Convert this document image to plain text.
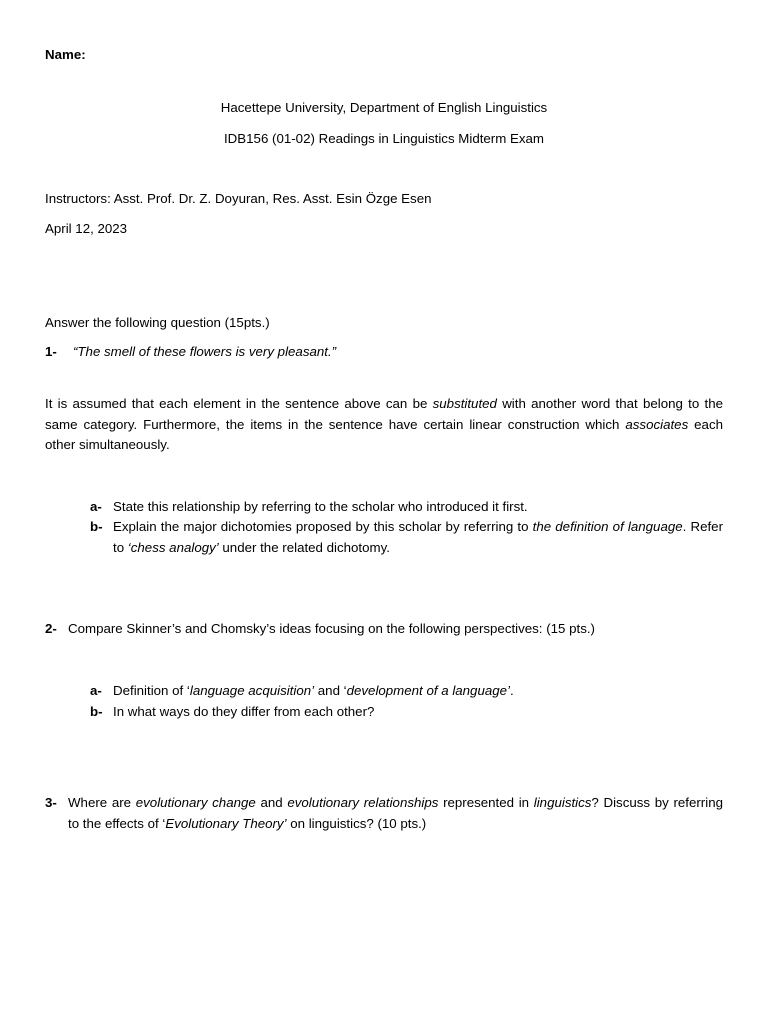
Name:
Hacettepe University, Department of English Linguistics
IDB156 (01-02) Readings in Linguistics Midterm Exam
Instructors: Asst. Prof. Dr. Z. Doyuran, Res. Asst. Esin Özge Esen
April 12, 2023
Answer the following question (15pts.)
1- “The smell of these flowers is very pleasant.”
It is assumed that each element in the sentence above can be substituted with another word that belong to the same category. Furthermore, the items in the sentence have certain linear construction which associates each other simultaneously.
a- State this relationship by referring to the scholar who introduced it first.
b- Explain the major dichotomies proposed by this scholar by referring to the definition of language. Refer to ‘chess analogy’ under the related dichotomy.
2- Compare Skinner’s and Chomsky’s ideas focusing on the following perspectives: (15 pts.)
a- Definition of ‘language acquisition’ and ‘development of a language’.
b- In what ways do they differ from each other?
3- Where are evolutionary change and evolutionary relationships represented in linguistics? Discuss by referring to the effects of ‘Evolutionary Theory’ on linguistics? (10 pts.)
